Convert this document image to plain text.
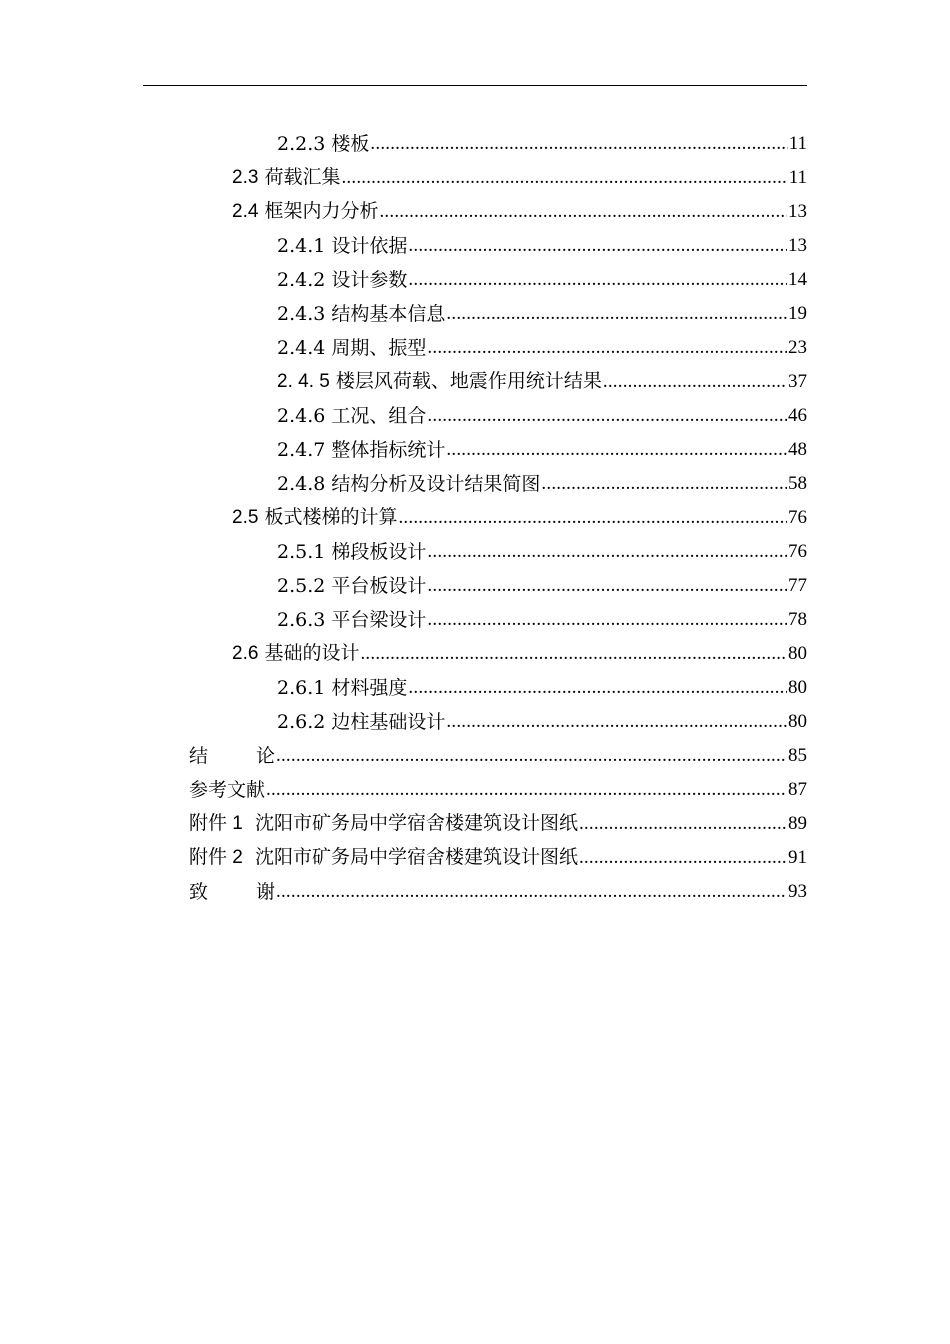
2.2.3 楼板 .....	11
2.3 荷载汇集 .....	11
2.4 框架内力分析 .....	13
2.4.1 设计依据 .....	13
2.4.2 设计参数 .....	14
2.4.3 结构基本信息 .....	19
2.4.4 周期、振型 .....	23
2. 4. 5 楼层风荷载、地震作用统计结果 .....	37
2.4.6 工况、组合 .....	46
2.4.7 整体指标统计 .....	48
2.4.8 结构分析及设计结果简图 .....	58
2.5 板式楼梯的计算 .....	76
2.5.1 梯段板设计 .....	76
2.5.2 平台板设计 .....	77
2.6.3 平台梁设计 .....	78
2.6 基础的设计 .....	80
2.6.1 材料强度 .....	80
2.6.2 边柱基础设计 .....	80
结论 .....	85
参考文献 .....	87
附件 1 沈阳市矿务局中学宿舍楼建筑设计图纸 .....	89
附件 2 沈阳市矿务局中学宿舍楼建筑设计图纸 .....	91
致谢 .....	93
